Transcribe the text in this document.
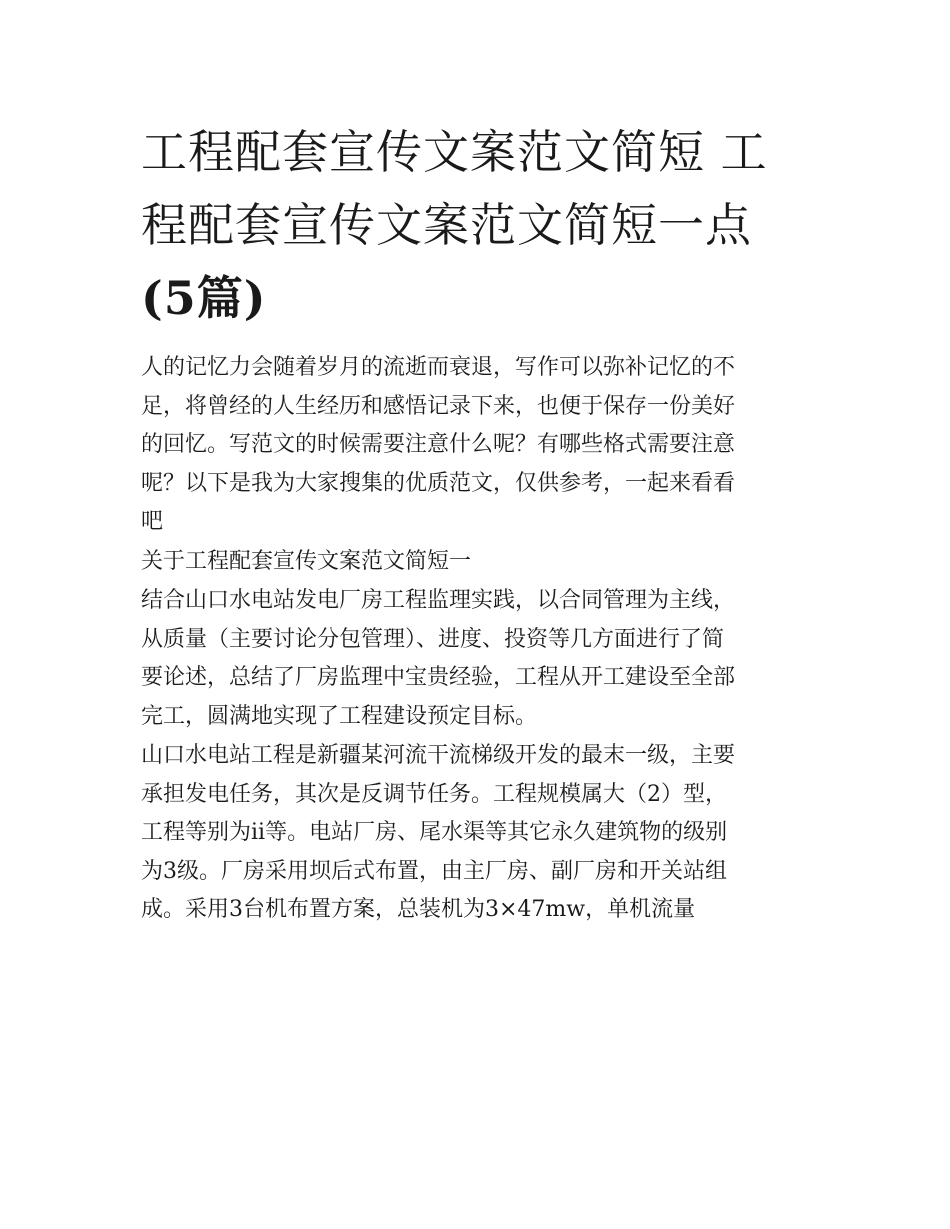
工程配套宣传文案范文简短 工程配套宣传文案范文简短一点
(5篇)
人的记忆力会随着岁月的流逝而衰退，写作可以弥补记忆的不
足，将曾经的人生经历和感悟记录下来，也便于保存一份美好
的回忆。写范文的时候需要注意什么呢？有哪些格式需要注意
呢？以下是我为大家搜集的优质范文，仅供参考，一起来看看
吧
关于工程配套宣传文案范文简短一
结合山口水电站发电厂房工程监理实践，以合同管理为主线，
从质量（主要讨论分包管理）、进度、投资等几方面进行了简
要论述，总结了厂房监理中宝贵经验，工程从开工建设至全部
完工，圆满地实现了工程建设预定目标。
山口水电站工程是新疆某河流干流梯级开发的最末一级，主要
承担发电任务，其次是反调节任务。工程规模属大（2）型，
工程等别为ii等。电站厂房、尾水渠等其它永久建筑物的级别
为3级。厂房采用坝后式布置，由主厂房、副厂房和开关站组
成。采用3台机布置方案，总装机为3×47mw，单机流量
